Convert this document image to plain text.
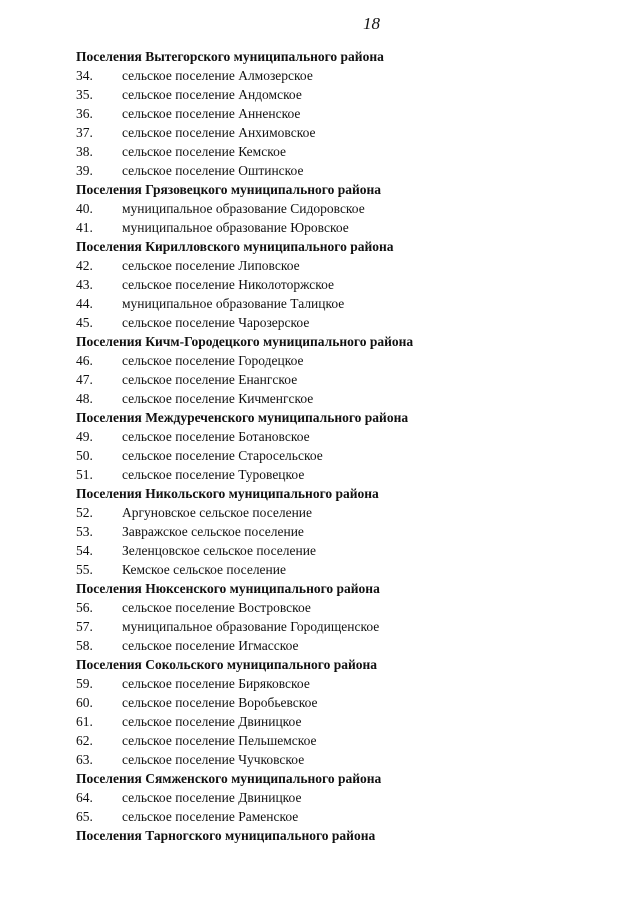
18
Поселения Вытегорского муниципального района
34. сельское поселение Алмозерское
35. сельское поселение Андомское
36. сельское поселение Анненское
37. сельское поселение Анхимовское
38. сельское поселение Кемское
39. сельское поселение Оштинское
Поселения Грязовецкого муниципального района
40. муниципальное образование Сидоровское
41. муниципальное образование Юровское
Поселения Кирилловского муниципального района
42. сельское поселение Липовское
43. сельское поселение Николоторжское
44. муниципальное образование Талицкое
45. сельское поселение Чарозерское
Поселения Кичм-Городецкого муниципального района
46. сельское поселение Городецкое
47. сельское поселение Енангское
48. сельское поселение Кичменгское
Поселения Междуреченского муниципального района
49. сельское поселение Ботановское
50. сельское поселение Старосельское
51. сельское поселение Туровецкое
Поселения Никольского муниципального района
52. Аргуновское сельское поселение
53. Завражское сельское поселение
54. Зеленцовское сельское поселение
55. Кемское сельское поселение
Поселения Нюксенского муниципального района
56. сельское поселение Востровское
57. муниципальное образование Городищенское
58. сельское поселение Игмасское
Поселения Сокольского муниципального района
59. сельское поселение Биряковское
60. сельское поселение Воробьевское
61. сельское поселение Двиницкое
62. сельское поселение Пельшемское
63. сельское поселение Чучковское
Поселения Сямженского муниципального района
64. сельское поселение Двиницкое
65. сельское поселение Раменское
Поселения Тарногского муниципального района
